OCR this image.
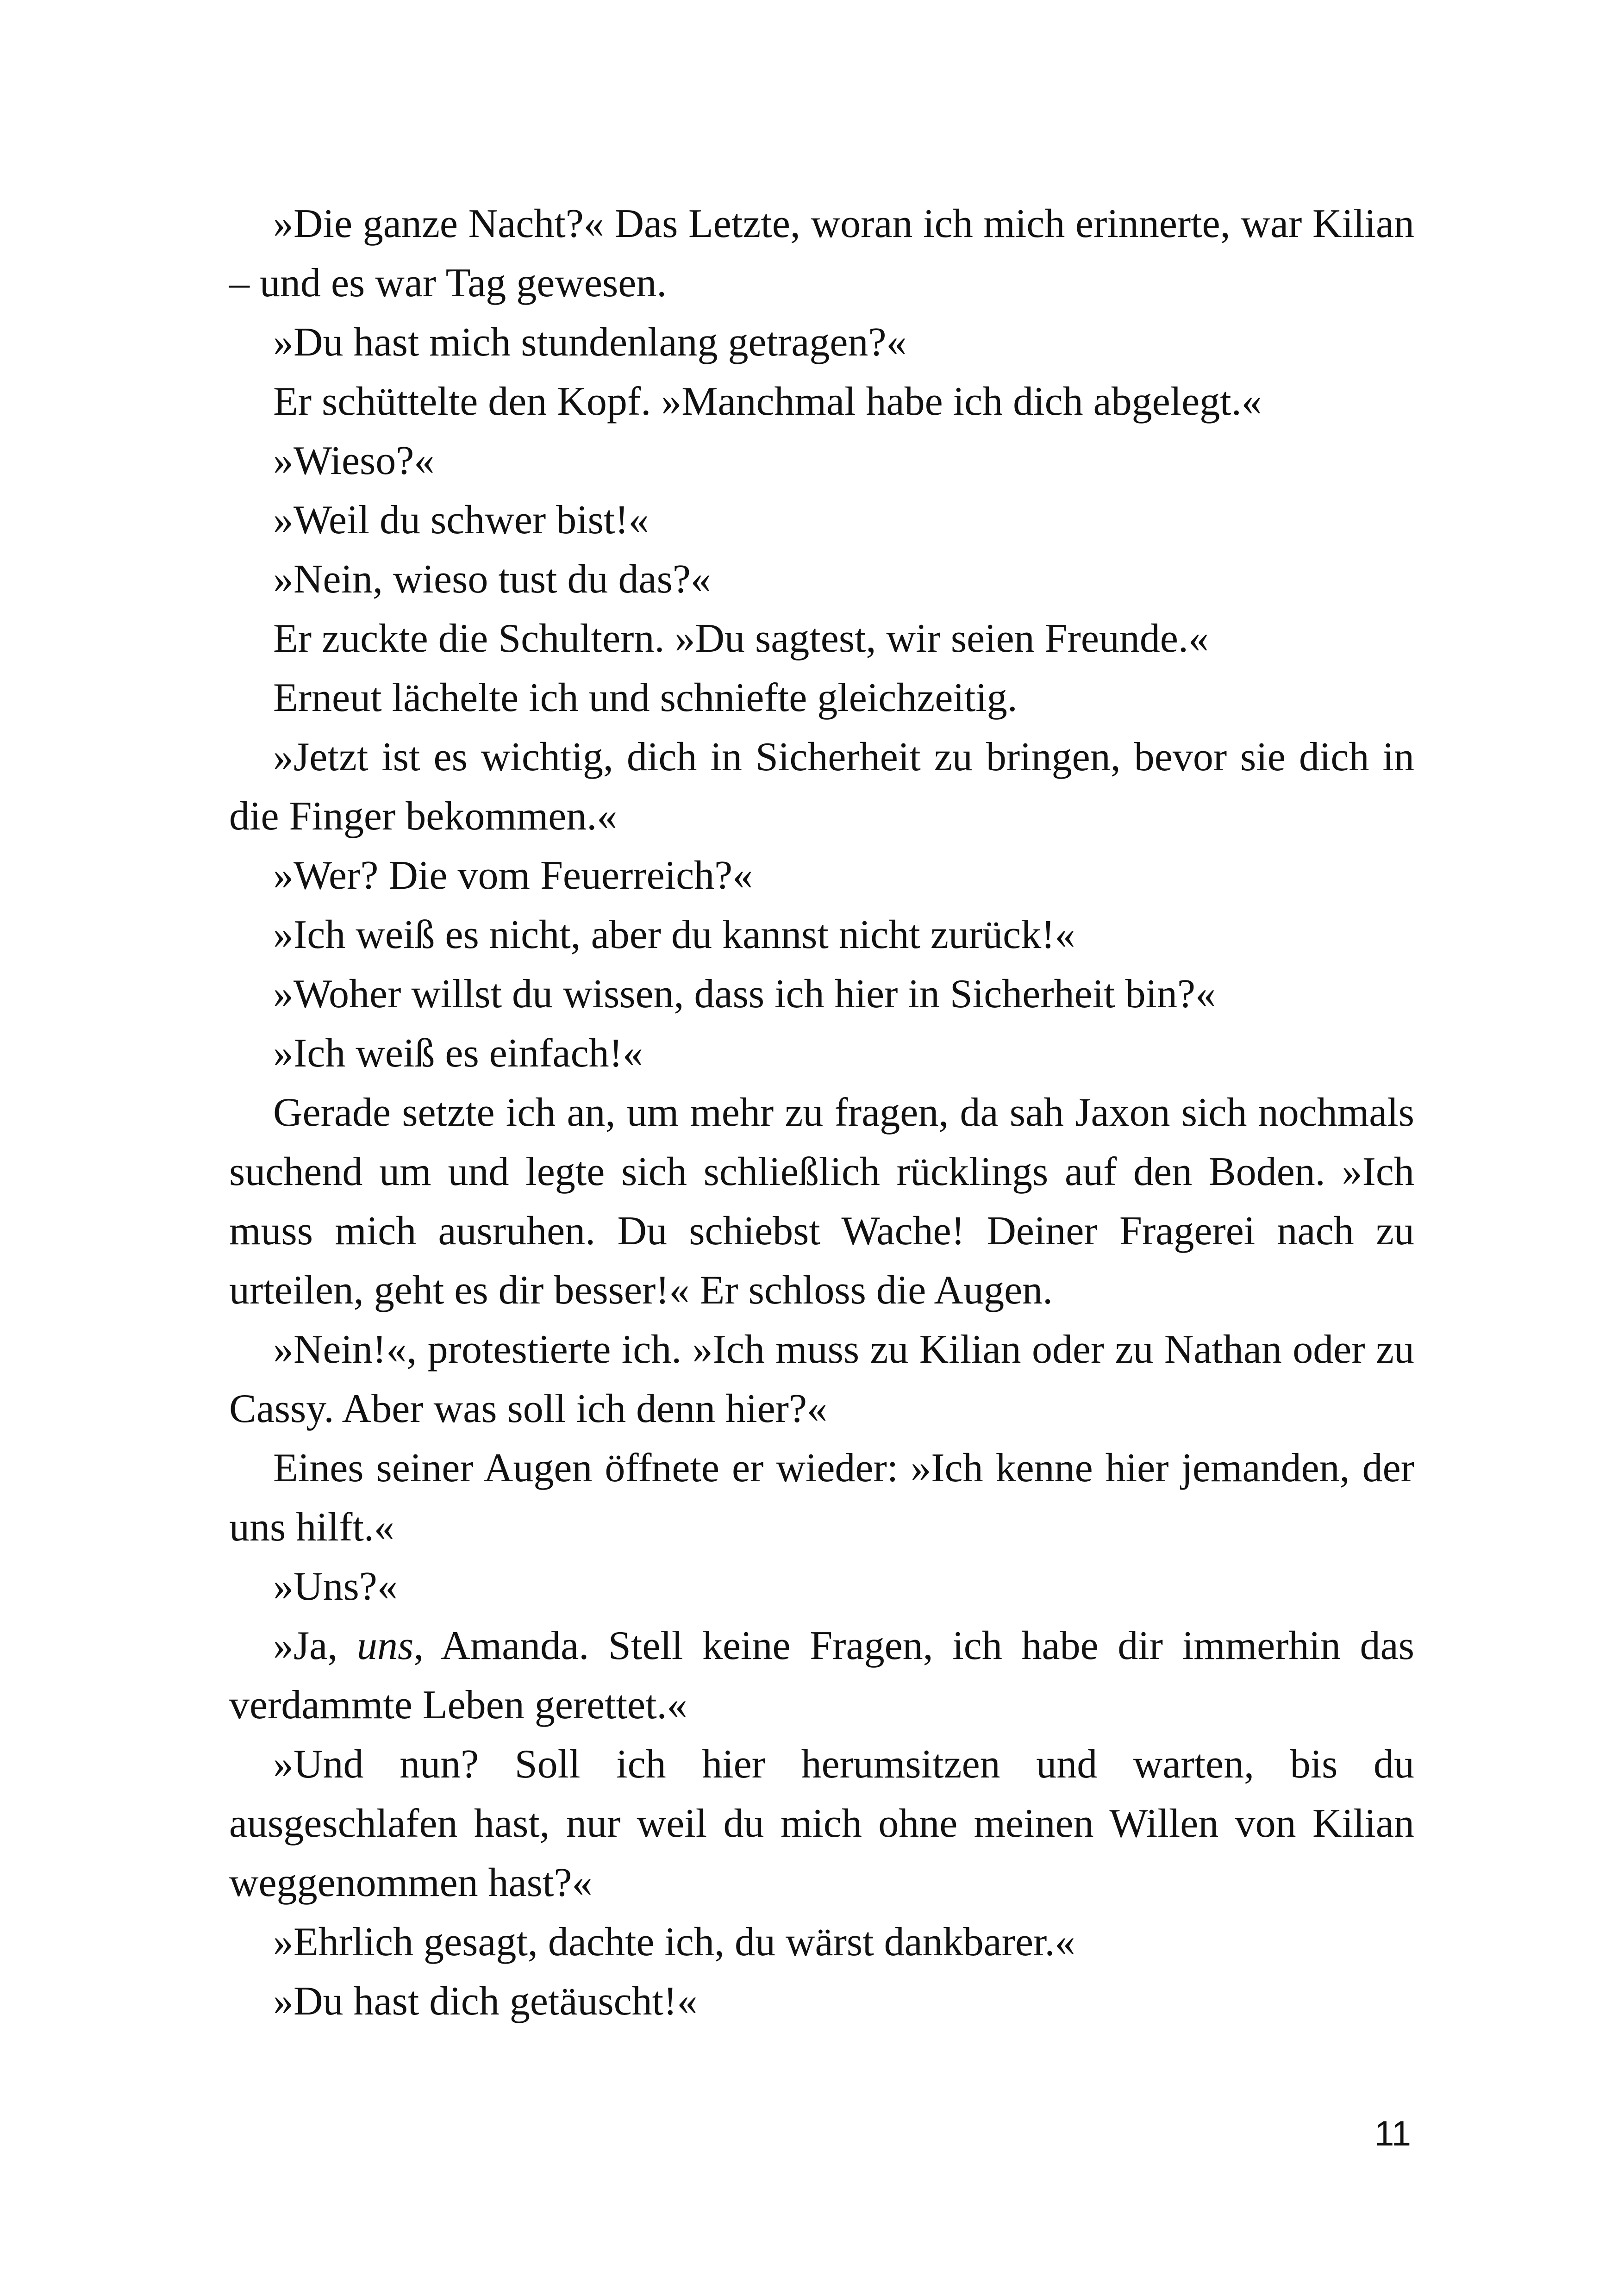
»Die ganze Nacht?« Das Letzte, woran ich mich erinnerte, war Kilian – und es war Tag gewesen.

»Du hast mich stundenlang getragen?«

Er schüttelte den Kopf. »Manchmal habe ich dich abgelegt.«

»Wieso?«

»Weil du schwer bist!«

»Nein, wieso tust du das?«

Er zuckte die Schultern. »Du sagtest, wir seien Freunde.«

Erneut lächelte ich und schniefte gleichzeitig.

»Jetzt ist es wichtig, dich in Sicherheit zu bringen, bevor sie dich in die Finger bekommen.«

»Wer? Die vom Feuerreich?«

»Ich weiß es nicht, aber du kannst nicht zurück!«

»Woher willst du wissen, dass ich hier in Sicherheit bin?«

»Ich weiß es einfach!«

Gerade setzte ich an, um mehr zu fragen, da sah Jaxon sich nochmals suchend um und legte sich schließlich rücklings auf den Boden. »Ich muss mich ausruhen. Du schiebst Wache! Deiner Fragerei nach zu urteilen, geht es dir besser!« Er schloss die Augen.

»Nein!«, protestierte ich. »Ich muss zu Kilian oder zu Nathan oder zu Cassy. Aber was soll ich denn hier?«

Eines seiner Augen öffnete er wieder: »Ich kenne hier jemanden, der uns hilft.«

»Uns?«

»Ja, uns, Amanda. Stell keine Fragen, ich habe dir immerhin das verdammte Leben gerettet.«

»Und nun? Soll ich hier herumsitzen und warten, bis du ausgeschlafen hast, nur weil du mich ohne meinen Willen von Kilian weggenommen hast?«

»Ehrlich gesagt, dachte ich, du wärst dankbarer.«

»Du hast dich getäuscht!«

11
